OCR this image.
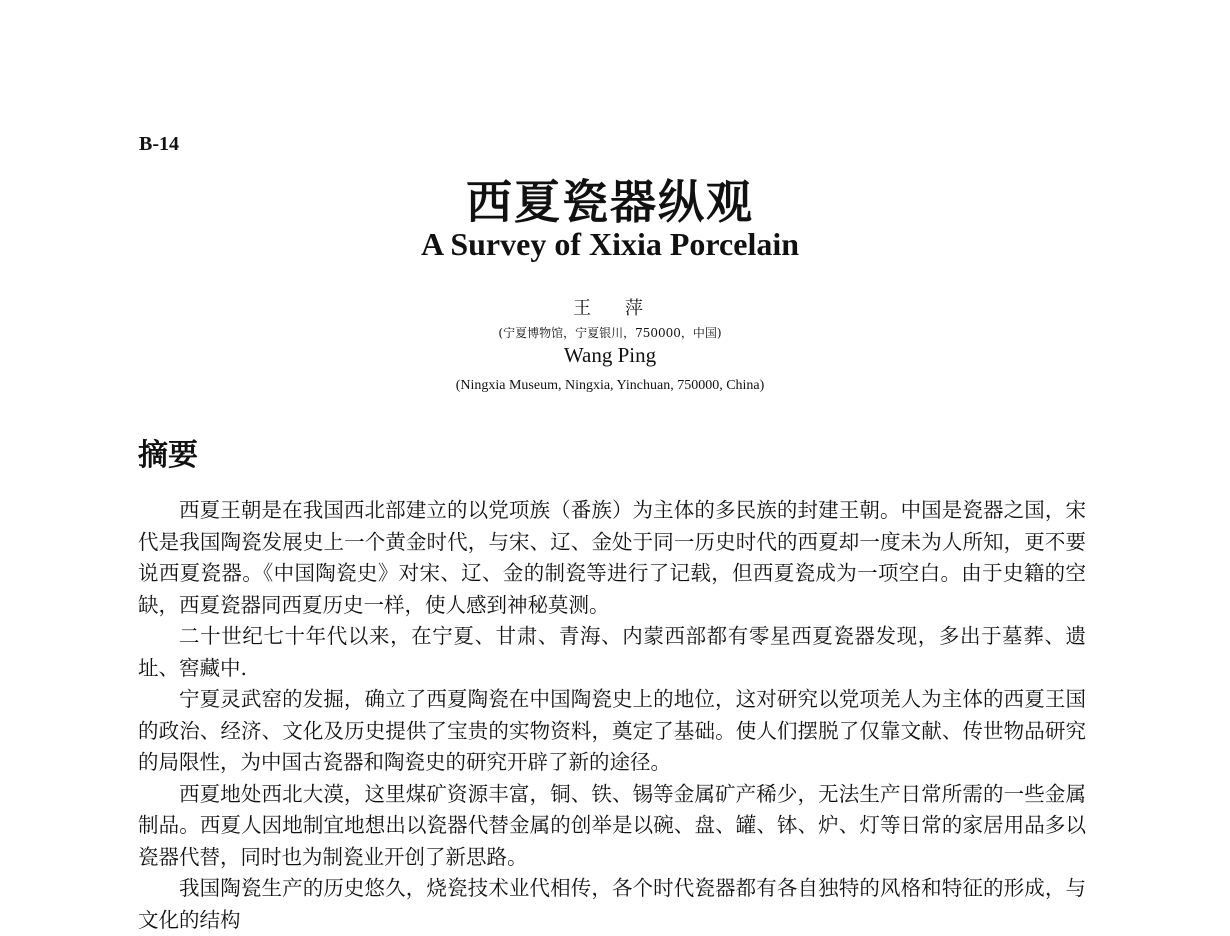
B-14
西夏瓷器纵观
A Survey of Xixia Porcelain
王 萍
(宁夏博物馆，宁夏银川，750000，中国)
Wang Ping
(Ningxia Museum, Ningxia, Yinchuan, 750000, China)
摘要

西夏王朝是在我国西北部建立的以党项族（番族）为主体的多民族的封建王朝。中国是瓷器之国，宋代是我国陶瓷发展史上一个黄金时代，与宋、辽、金处于同一历史时代的西夏却一度未为人所知，更不要说西夏瓷器。《中国陶瓷史》对宋、辽、金的制瓷等进行了记载，但西夏瓷成为一项空白。由于史籍的空缺，西夏瓷器同西夏历史一样，使人感到神秘莫测。

二十世纪七十年代以来，在宁夏、甘肃、青海、内蒙西部都有零星西夏瓷器发现，多出于墓葬、遗址、窖藏中.

宁夏灵武窑的发掘，确立了西夏陶瓷在中国陶瓷史上的地位，这对研究以党项羌人为主体的西夏王国的政治、经济、文化及历史提供了宝贵的实物资料，奠定了基础。使人们摆脱了仅靠文献、传世物品研究的局限性，为中国古瓷器和陶瓷史的研究开辟了新的途径。

西夏地处西北大漠，这里煤矿资源丰富，铜、铁、锡等金属矿产稀少，无法生产日常所需的一些金属制品。西夏人因地制宜地想出以瓷器代替金属的创举是以碗、盘、罐、钵、炉、灯等日常的家居用品多以瓷器代替，同时也为制瓷业开创了新思路。

我国陶瓷生产的历史悠久，烧瓷技术业代相传，各个时代瓷器都有各自独特的风格和特征的形成，与文化的结构
